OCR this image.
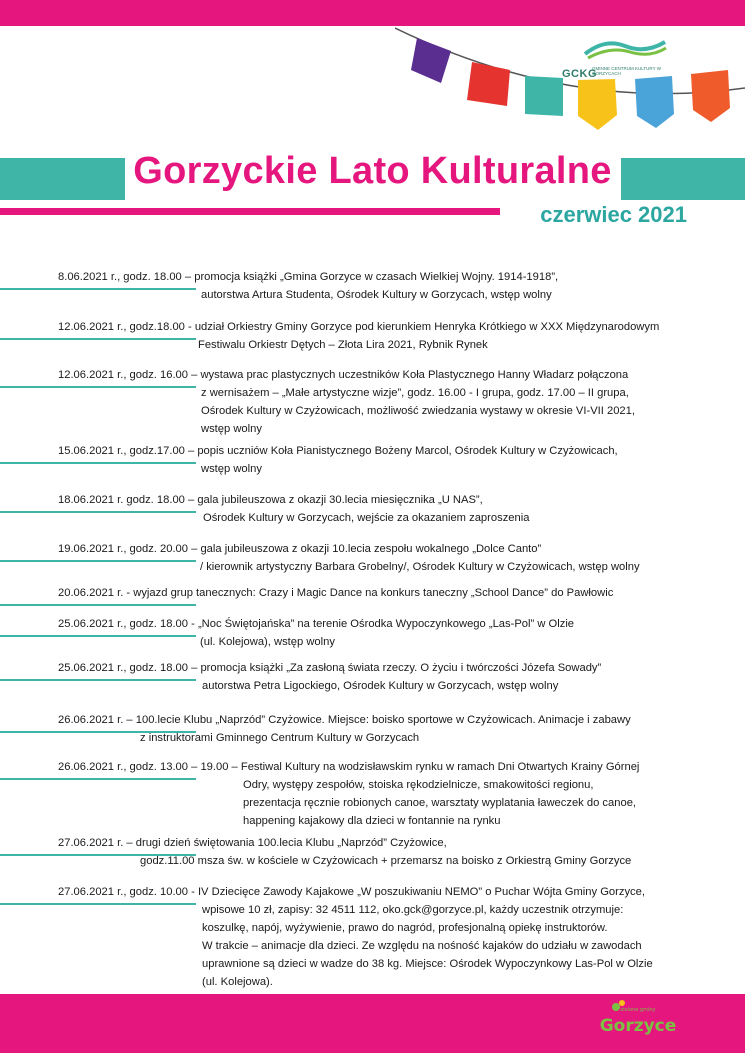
GCKG
GMINNE CENTRUM KULTURY W GORZYCACH
Gorzyckie Lato Kulturalne
czerwiec 2021
8.06.2021 r., godz. 18.00 – promocja książki „Gmina Gorzyce w czasach Wielkiej Wojny. 1914-1918”,
autorstwa Artura Studenta, Ośrodek Kultury w Gorzycach, wstęp wolny
12.06.2021 r., godz.18.00 - udział Orkiestry Gminy Gorzyce pod kierunkiem Henryka Krótkiego w XXX Międzynarodowym
Festiwalu Orkiestr Dętych – Złota Lira 2021, Rybnik Rynek
12.06.2021 r., godz. 16.00 – wystawa prac plastycznych uczestników Koła Plastycznego Hanny Władarz połączona
z wernisażem – „Małe artystyczne wizje”, godz. 16.00 - I grupa, godz. 17.00 – II grupa,
Ośrodek Kultury w Czyżowicach, możliwość zwiedzania wystawy w okresie VI-VII 2021,
wstęp wolny
15.06.2021 r., godz.17.00 – popis uczniów Koła Pianistycznego Bożeny Marcol, Ośrodek Kultury w Czyżowicach,
wstęp wolny
18.06.2021 r. godz. 18.00 – gala jubileuszowa z okazji 30.lecia miesięcznika „U NAS”,
Ośrodek Kultury w Gorzycach, wejście za okazaniem zaproszenia
19.06.2021 r., godz. 20.00 – gala jubileuszowa z okazji 10.lecia zespołu wokalnego „Dolce Canto”
/ kierownik artystyczny Barbara Grobelny/, Ośrodek Kultury w Czyżowicach, wstęp wolny
20.06.2021 r. - wyjazd grup tanecznych: Crazy i Magic Dance na konkurs taneczny „School Dance” do Pawłowic
25.06.2021 r., godz. 18.00 - „Noc Świętojańska” na terenie Ośrodka Wypoczynkowego „Las-Pol” w Olzie
(ul. Kolejowa), wstęp wolny
25.06.2021 r., godz. 18.00 – promocja książki „Za zasłoną świata rzeczy. O życiu i twórczości Józefa Sowady”
autorstwa Petra Ligockiego, Ośrodek Kultury w Gorzycach, wstęp wolny
26.06.2021 r. – 100.lecie Klubu „Naprzód” Czyżowice. Miejsce: boisko sportowe w Czyżowicach. Animacje i zabawy
z instruktorami Gminnego Centrum Kultury w Gorzycach
26.06.2021 r., godz. 13.00 – 19.00 – Festiwal Kultury na wodzisławskim rynku w ramach Dni Otwartych Krainy Górnej
Odry, występy zespołów, stoiska rękodzielnicze, smakowitości regionu,
prezentacja ręcznie robionych canoe, warsztaty wyplatania ławeczek do canoe,
happening kajakowy dla dzieci w fontannie na rynku
27.06.2021 r. – drugi dzień świętowania 100.lecia Klubu „Naprzód” Czyżowice,
godz.11.00 msza św. w kościele w Czyżowicach + przemarsz na boisko z Orkiestrą Gminy Gorzyce
27.06.2021 r., godz. 10.00 - IV Dziecięce Zawody Kajakowe „W poszukiwaniu NEMO” o Puchar Wójta Gminy Gorzyce,
wpisowe 10 zł, zapisy: 32 4511 112, oko.gck@gorzyce.pl, każdy uczestnik otrzymuje:
koszulkę, napój, wyżywienie, prawo do nagród, profesjonalną opiekę instruktorów.
W trakcie – animacje dla dzieci. Ze względu na nośność kajaków do udziału w zawodach
uprawnione są dzieci w wadze do 38 kg. Miejsce: Ośrodek Wypoczynkowy Las-Pol w Olzie
(ul. Kolejowa).
zielone gminy
Gorzyce
